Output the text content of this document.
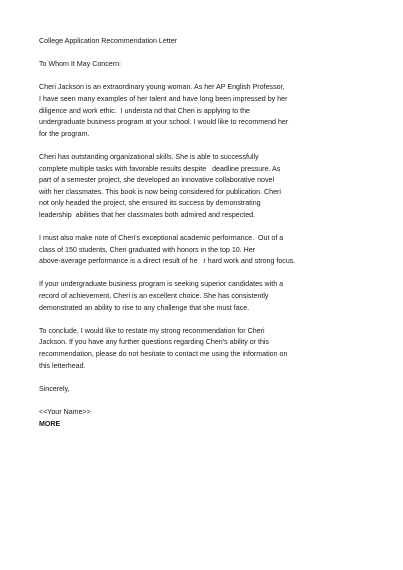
College Application Recommendation Letter
To Whom It May Concern:
Cheri Jackson is an extraordinary young woman. As her AP English Professor,
I have seen many examples of her talent and have long been impressed by her
diligence and work ethic.  I understa nd that Cheri is applying to the
undergraduate business program at your school. I would like to recommend her
for the program.
Cheri has outstanding organizational skills. She is able to successfully
complete multiple tasks with favorable results despite   deadline pressure. As
part of a semester project, she developed an innovative collaborative novel
with her classmates. This book is now being considered for publication. Cheri
not only headed the project, she ensured its success by demonstrating
leadership  abilities that her classmates both admired and respected.
I must also make note of Cheri's exceptional academic performance.  Out of a
class of 150 students, Cheri graduated with honors in the top 10. Her
above-average performance is a direct result of he   r hard work and strong focus.
If your undergraduate business program is seeking superior candidates with a
record of achievement, Cheri is an excellent choice. She has consistently
demonstrated an ability to rise to any challenge that she must face.
To conclude, I would like to restate my strong recommendation for Cheri
Jackson. If you have any further questions regarding Cheri's ability or this
recommendation, please do not hesitate to contact me using the information on
this letterhead.
Sincerely,
<<Your Name>>
MORE
